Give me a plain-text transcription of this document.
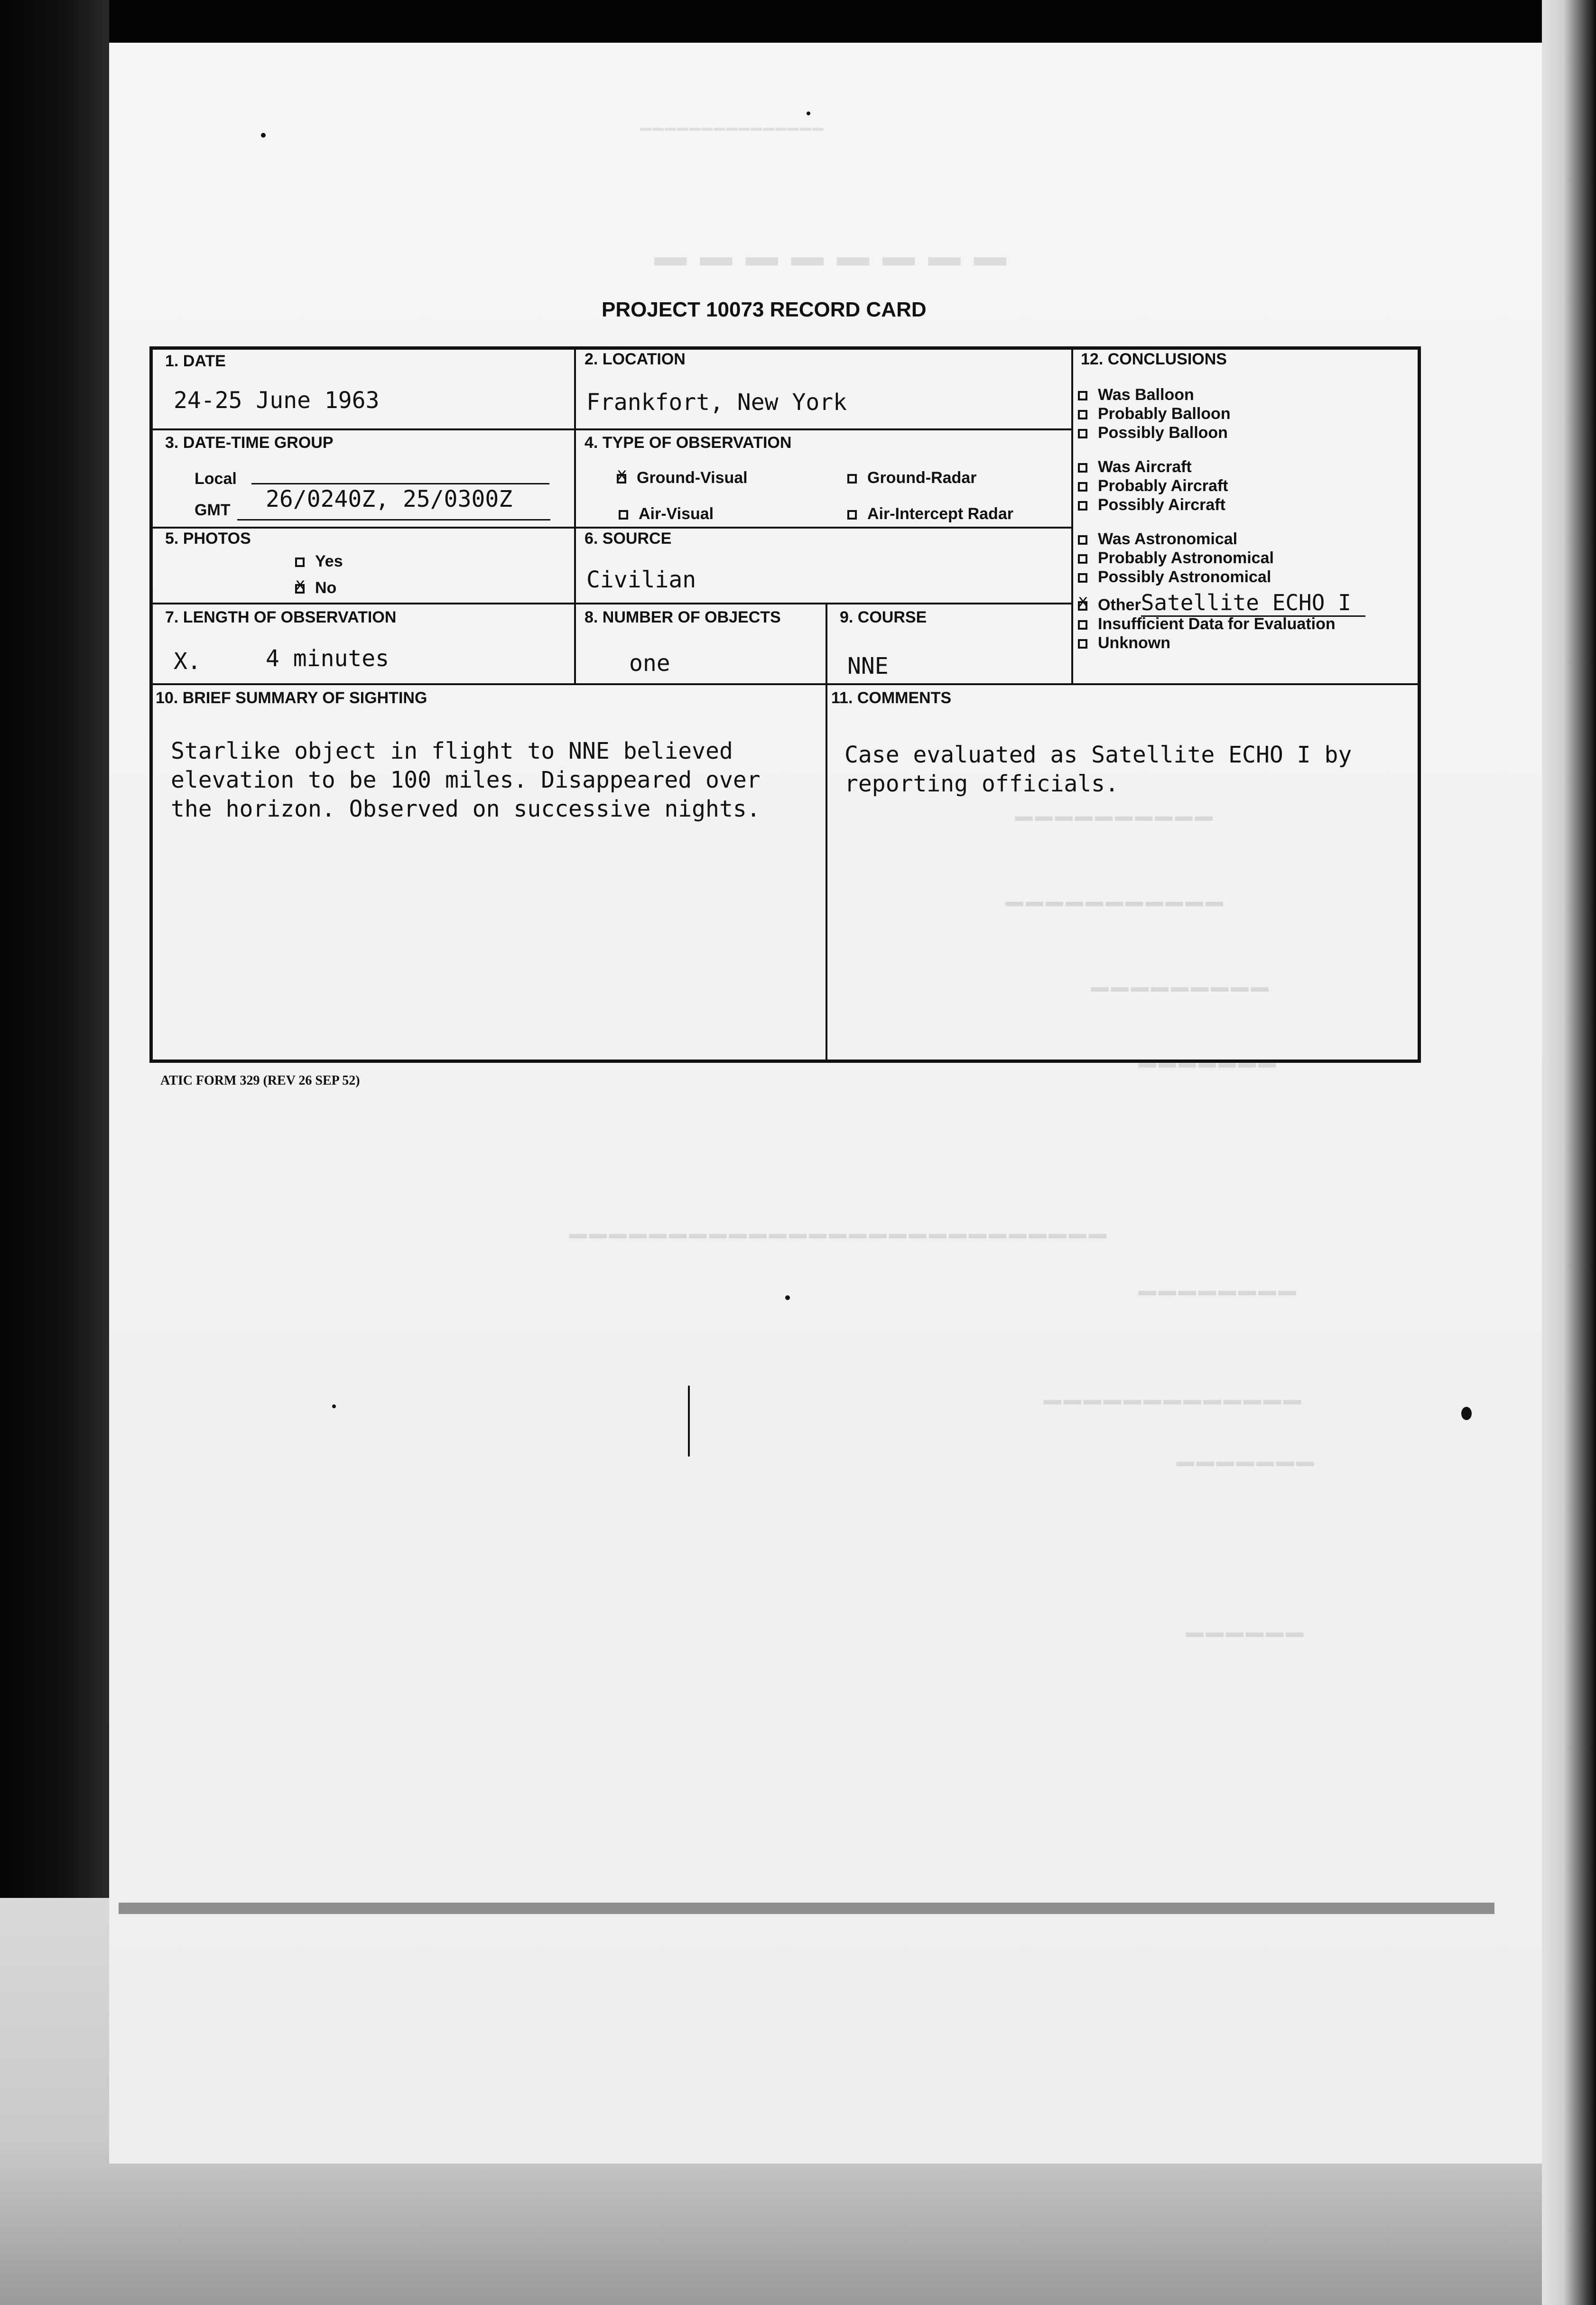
▔▔▔▔▔▔▔▔▔▔▔▔▔▔▔
▁▁▁▁▁▁▁▁
▁▁▁▁▁▁▁▁▁▁
▁▁▁▁▁▁▁▁▁▁▁
▁▁▁▁▁▁▁▁▁
▁▁▁▁▁▁▁
▁▁▁▁▁▁▁▁▁▁▁▁▁▁▁▁▁▁▁▁▁▁▁▁▁▁▁
▁▁▁▁▁▁▁▁
▁▁▁▁▁▁▁▁▁▁▁▁▁
▁▁▁▁▁▁▁
▁▁▁▁▁▁
PROJECT 10073 RECORD CARD
1. DATE
24-25 June 1963
2. LOCATION
Frankfort, New York
3. DATE-TIME GROUP
Local
GMT 26/0240Z, 25/0300Z
4. TYPE OF OBSERVATION
xGround-Visual	Ground-Radar
Air-Visual	Air-Intercept Radar
5. PHOTOS
Yes
xNo
6. SOURCE
Civilian
7. LENGTH OF OBSERVATION
X.	4 minutes
8. NUMBER OF OBJECTS
one
9. COURSE
NNE
10. BRIEF SUMMARY OF SIGHTING
Starlike object in flight to NNE believed
elevation to be 100 miles. Disappeared over
the horizon. Observed on successive nights.
11. COMMENTS
Case evaluated as Satellite ECHO I by
reporting officials.
12. CONCLUSIONS
Was Balloon
Probably Balloon
Possibly Balloon
Was Aircraft
Probably Aircraft
Possibly Aircraft
Was Astronomical
Probably Astronomical
Possibly Astronomical
xOtherSatellite ECHO I
Insufficient Data for Evaluation
Unknown
ATIC FORM 329 (REV 26 SEP 52)
